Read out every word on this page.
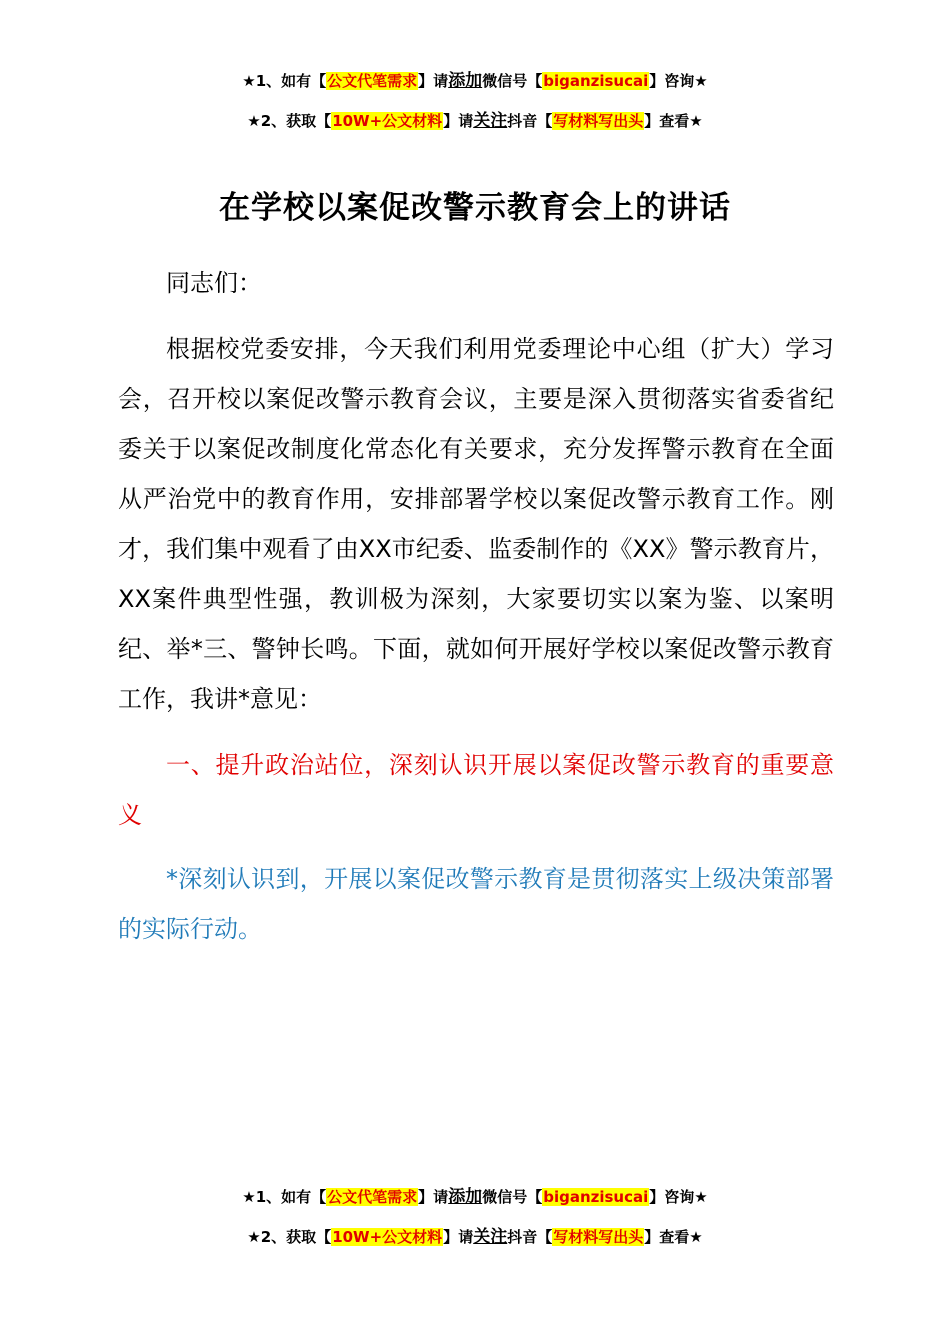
★1、如有【公文代笔需求】请添加微信号【biganzisucai】咨询★
★2、获取【10W+公文材料】请关注抖音【写材料写出头】查看★
在学校以案促改警示教育会上的讲话

同志们：

根据校党委安排，今天我们利用党委理论中心组（扩大）学习会，召开校以案促改警示教育会议，主要是深入贯彻落实省委省纪委关于以案促改制度化常态化有关要求，充分发挥警示教育在全面从严治党中的教育作用，安排部署学校以案促改警示教育工作。刚才，我们集中观看了由XX市纪委、监委制作的《XX》警示教育片，XX案件典型性强，教训极为深刻，大家要切实以案为鉴、以案明纪、举*三、警钟长鸣。下面，就如何开展好学校以案促改警示教育工作，我讲*意见：

一、提升政治站位，深刻认识开展以案促改警示教育的重要意义

*深刻认识到，开展以案促改警示教育是贯彻落实上级决策部署的实际行动。

★1、如有【公文代笔需求】请添加微信号【biganzisucai】咨询★
★2、获取【10W+公文材料】请关注抖音【写材料写出头】查看★
